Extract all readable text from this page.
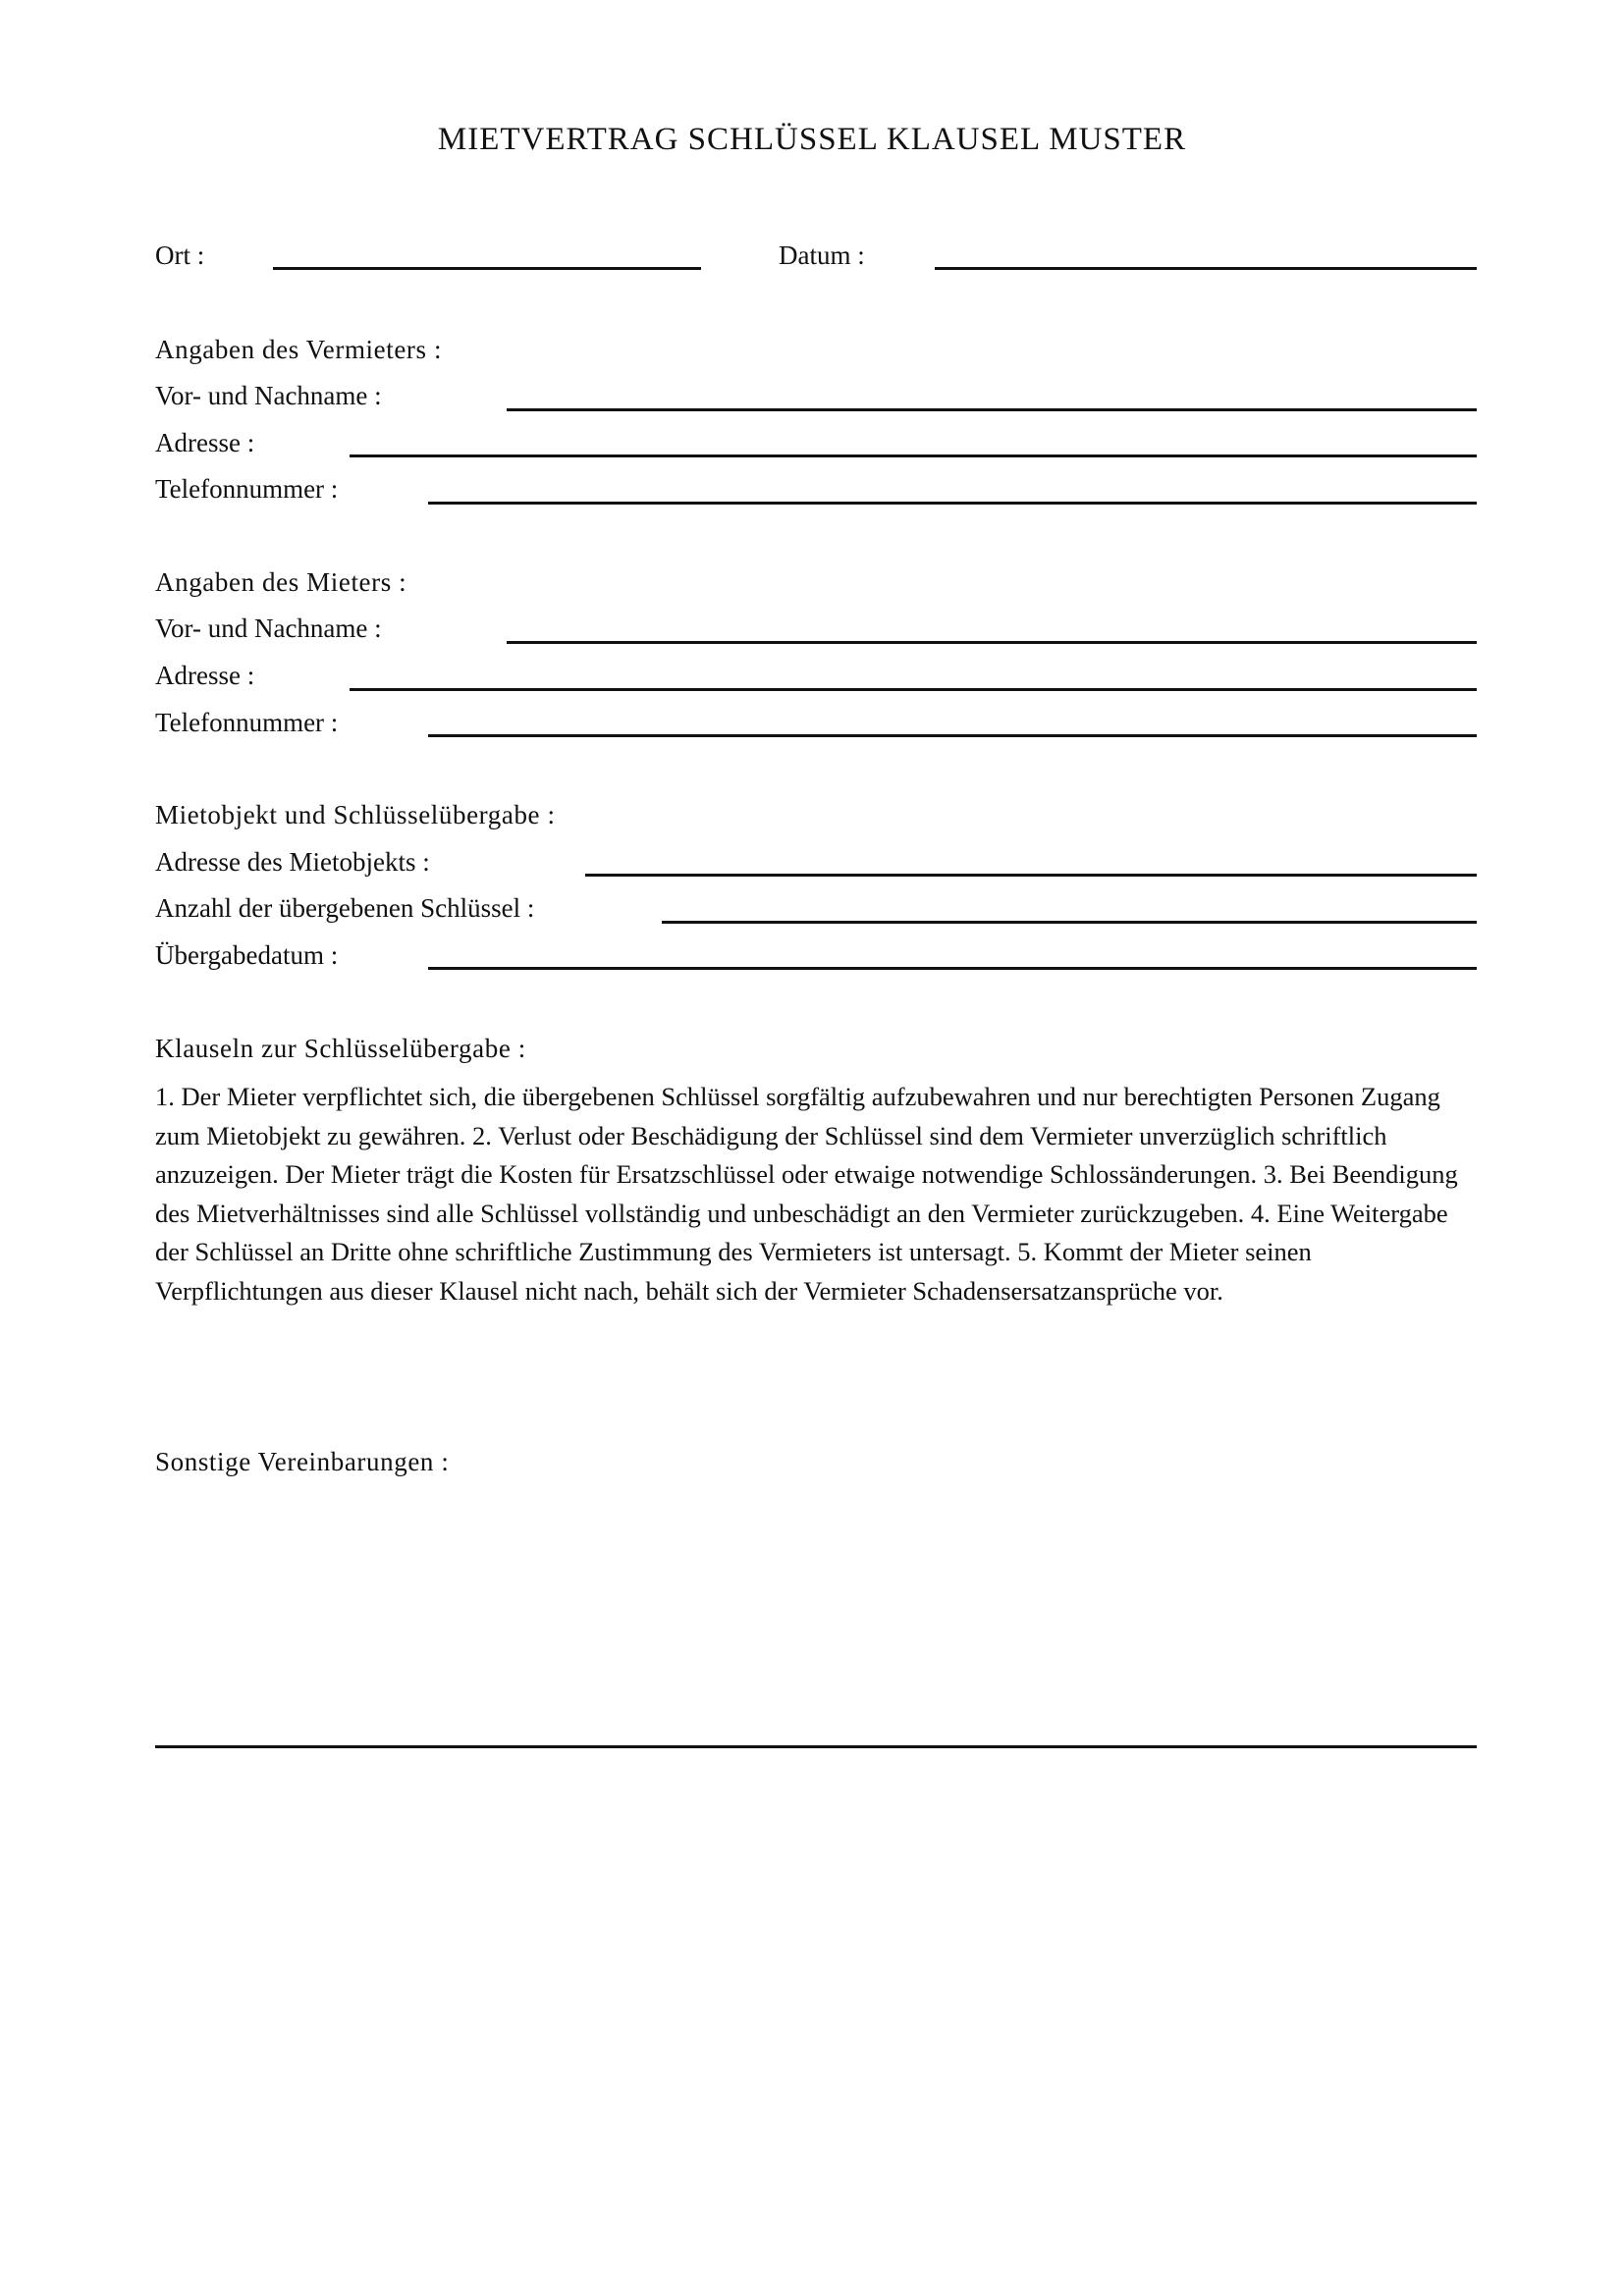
MIETVERTRAG SCHLÜSSEL KLAUSEL MUSTER
Ort :	Datum :
Angaben des Vermieters :
Vor- und Nachname :
Adresse :
Telefonnummer :
Angaben des Mieters :
Vor- und Nachname :
Adresse :
Telefonnummer :
Mietobjekt und Schlüsselübergabe :
Adresse des Mietobjekts :
Anzahl der übergebenen Schlüssel :
Übergabedatum :
Klauseln zur Schlüsselübergabe :

1. Der Mieter verpflichtet sich, die übergebenen Schlüssel sorgfältig aufzubewahren und nur berechtigten Personen Zugang zum Mietobjekt zu gewähren. 2. Verlust oder Beschädigung der Schlüssel sind dem Vermieter unverzüglich schriftlich anzuzeigen. Der Mieter trägt die Kosten für Ersatzschlüssel oder etwaige notwendige Schlossänderungen. 3. Bei Beendigung des Mietverhältnisses sind alle Schlüssel vollständig und unbeschädigt an den Vermieter zurückzugeben. 4. Eine Weitergabe der Schlüssel an Dritte ohne schriftliche Zustimmung des Vermieters ist untersagt. 5. Kommt der Mieter seinen Verpflichtungen aus dieser Klausel nicht nach, behält sich der Vermieter Schadensersatzansprüche vor.

Sonstige Vereinbarungen :
